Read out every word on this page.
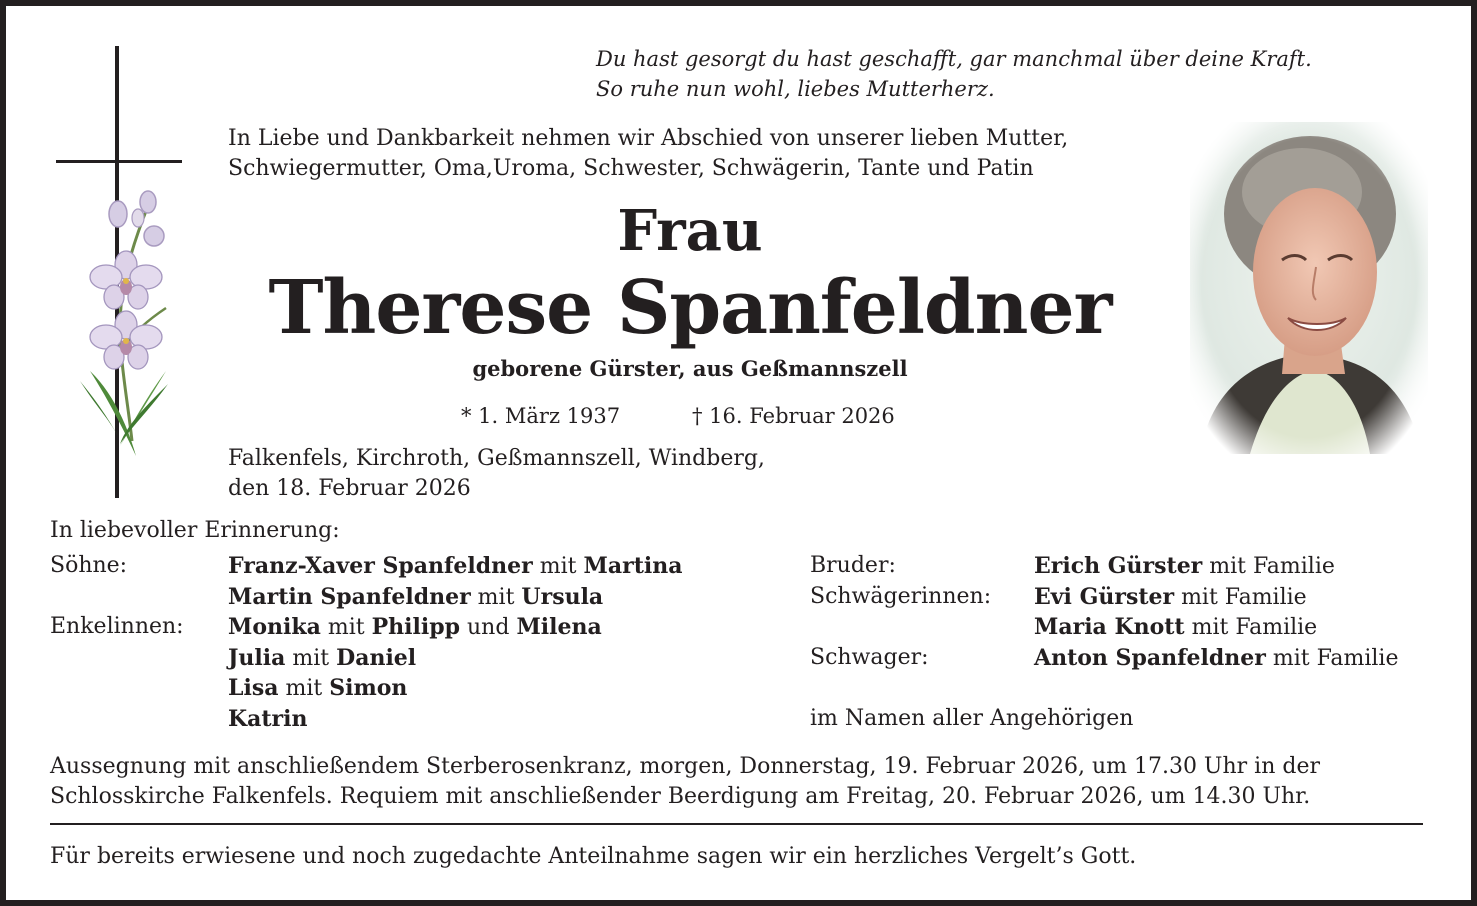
Du hast gesorgt du hast geschafft, gar manchmal über deine Kraft.
So ruhe nun wohl, liebes Mutterherz.
In Liebe und Dankbarkeit nehmen wir Abschied von unserer lieben Mutter,
Schwiegermutter, Oma,Uroma, Schwester, Schwägerin, Tante und Patin
Frau
Therese Spanfeldner
geborene Gürster, aus Geßmannszell
* 1. März 1937	† 16. Februar 2026
Falkenfels, Kirchroth, Geßmannszell, Windberg,
den 18. Februar 2026
In liebevoller Erinnerung:
Söhne:
Enkelinnen:
Franz-Xaver Spanfeldner mit Martina
Martin Spanfeldner mit Ursula
Monika mit Philipp und Milena
Julia mit Daniel
Lisa mit Simon
Katrin
Bruder:
Schwägerinnen:
Schwager:
im Namen aller Angehörigen
Erich Gürster mit Familie
Evi Gürster mit Familie
Maria Knott mit Familie
Anton Spanfeldner mit Familie
Aussegnung mit anschließendem Sterberosenkranz, morgen, Donnerstag, 19. Februar 2026, um 17.30 Uhr in der
Schlosskirche Falkenfels. Requiem mit anschließender Beerdigung am Freitag, 20. Februar 2026, um 14.30 Uhr.
Für bereits erwiesene und noch zugedachte Anteilnahme sagen wir ein herzliches Vergelt’s Gott.
